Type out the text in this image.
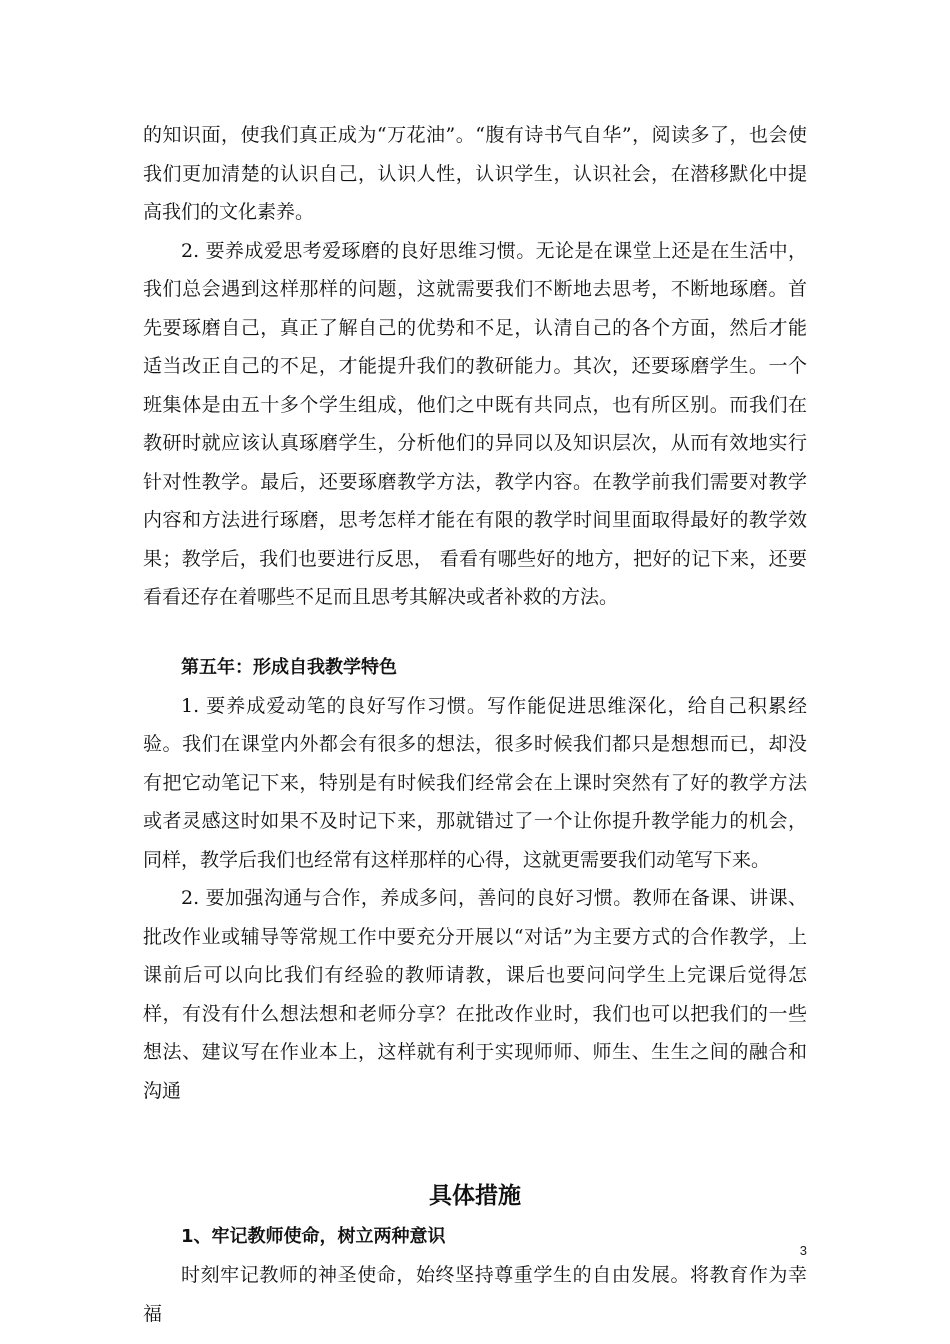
的知识面，使我们真正成为“万花油”。“腹有诗书气自华”，阅读多了，也会使我们更加清楚的认识自己，认识人性，认识学生，认识社会，在潜移默化中提高我们的文化素养。

2. 要养成爱思考爱琢磨的良好思维习惯。无论是在课堂上还是在生活中，我们总会遇到这样那样的问题，这就需要我们不断地去思考，不断地琢磨。首先要琢磨自己，真正了解自己的优势和不足，认清自己的各个方面，然后才能适当改正自己的不足，才能提升我们的教研能力。其次，还要琢磨学生。一个班集体是由五十多个学生组成，他们之中既有共同点，也有所区别。而我们在教研时就应该认真琢磨学生，分析他们的异同以及知识层次，从而有效地实行针对性教学。最后，还要琢磨教学方法，教学内容。在教学前我们需要对教学内容和方法进行琢磨，思考怎样才能在有限的教学时间里面取得最好的教学效果；教学后，我们也要进行反思， 看看有哪些好的地方，把好的记下来，还要看看还存在着哪些不足而且思考其解决或者补救的方法。

第五年：形成自我教学特色

1. 要养成爱动笔的良好写作习惯。写作能促进思维深化，给自己积累经验。我们在课堂内外都会有很多的想法，很多时候我们都只是想想而已，却没有把它动笔记下来，特别是有时候我们经常会在上课时突然有了好的教学方法或者灵感这时如果不及时记下来，那就错过了一个让你提升教学能力的机会，同样，教学后我们也经常有这样那样的心得，这就更需要我们动笔写下来。

2. 要加强沟通与合作，养成多问，善问的良好习惯。教师在备课、讲课、批改作业或辅导等常规工作中要充分开展以“对话”为主要方式的合作教学，上课前后可以向比我们有经验的教师请教，课后也要问问学生上完课后觉得怎样，有没有什么想法想和老师分享？在批改作业时，我们也可以把我们的一些想法、建议写在作业本上，这样就有利于实现师师、师生、生生之间的融合和沟通

具体措施

1、牢记教师使命，树立两种意识

时刻牢记教师的神圣使命，始终坚持尊重学生的自由发展。将教育作为幸福

3
